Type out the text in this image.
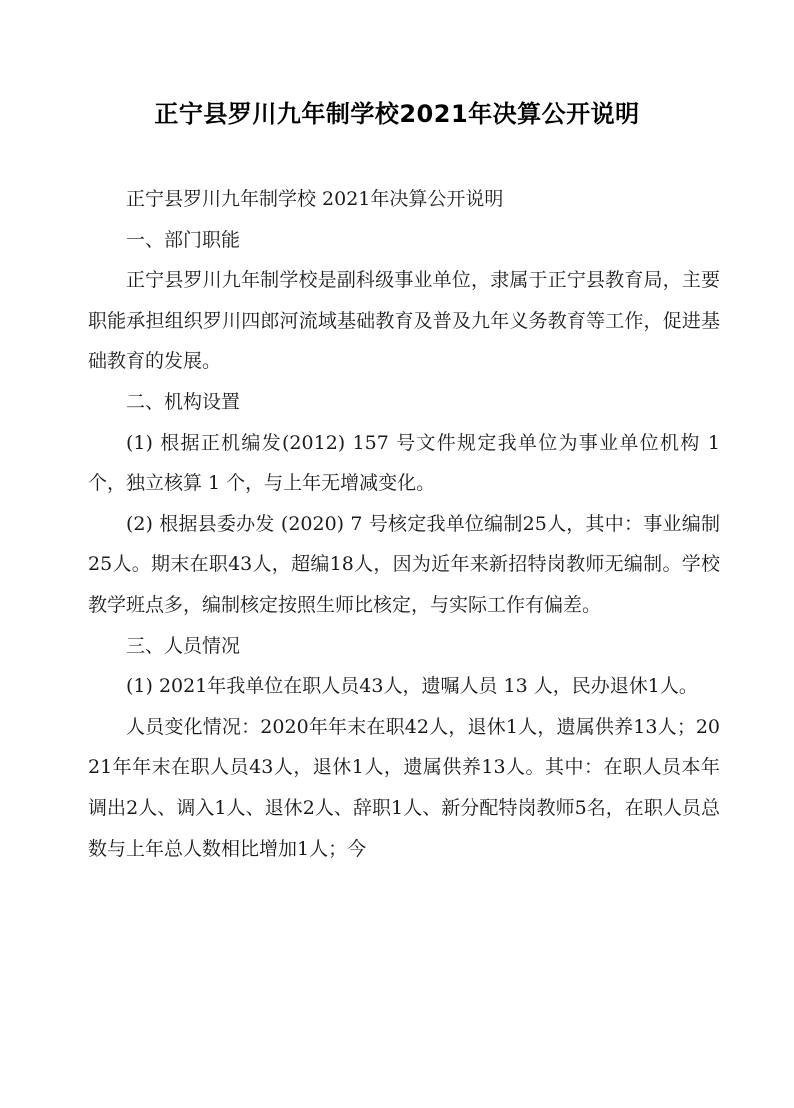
正宁县罗川九年制学校2021年决算公开说明

正宁县罗川九年制学校 2021年决算公开说明

一、部门职能

正宁县罗川九年制学校是副科级事业单位，隶属于正宁县教育局，主要职能承担组织罗川四郎河流域基础教育及普及九年义务教育等工作，促进基础教育的发展。

二、机构设置

(1) 根据正机编发(2012) 157 号文件规定我单位为事业单位机构 1 个，独立核算 1 个，与上年无增减变化。

(2) 根据县委办发 (2020) 7 号核定我单位编制25人，其中：事业编制25人。期末在职43人，超编18人，因为近年来新招特岗教师无编制。学校教学班点多，编制核定按照生师比核定，与实际工作有偏差。

三、人员情况

(1) 2021年我单位在职人员43人，遗嘱人员 13 人，民办退休1人。

人员变化情况：2020年年末在职42人，退休1人，遗属供养13人；2021年年末在职人员43人，退休1人，遗属供养13人。其中：在职人员本年调出2人、调入1人、退休2人、辞职1人、新分配特岗教师5名，在职人员总数与上年总人数相比增加1人；今
